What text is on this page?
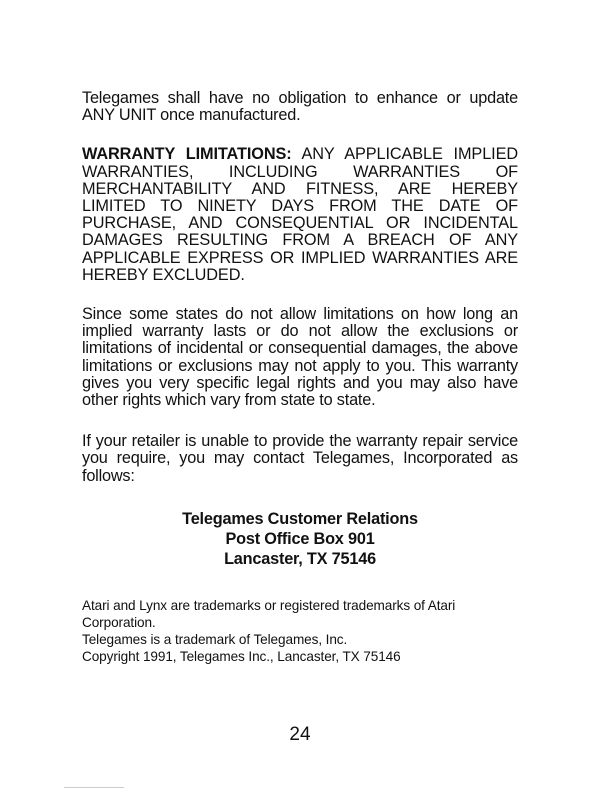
Telegames shall have no obligation to enhance or update ANY UNIT once manufactured.

WARRANTY LIMITATIONS: ANY APPLICABLE IMPLIED WARRANTIES, INCLUDING WARRANTIES OF MERCHANTABILITY AND FITNESS, ARE HEREBY LIMITED TO NINETY DAYS FROM THE DATE OF PURCHASE, AND CONSEQUENTIAL OR INCIDENTAL DAMAGES RESULTING FROM A BREACH OF ANY APPLICABLE EXPRESS OR IMPLIED WARRANTIES ARE HEREBY EXCLUDED.

Since some states do not allow limitations on how long an implied warranty lasts or do not allow the exclusions or limitations of incidental or consequential damages, the above limitations or exclusions may not apply to you. This warranty gives you very specific legal rights and you may also have other rights which vary from state to state.

If your retailer is unable to provide the warranty repair service you require, you may contact Telegames, Incorporated as follows:

Telegames Customer Relations
Post Office Box 901
Lancaster, TX 75146
Atari and Lynx are trademarks or registered trademarks of Atari Corporation.
Telegames is a trademark of Telegames, Inc.
Copyright 1991, Telegames Inc., Lancaster, TX 75146
24
